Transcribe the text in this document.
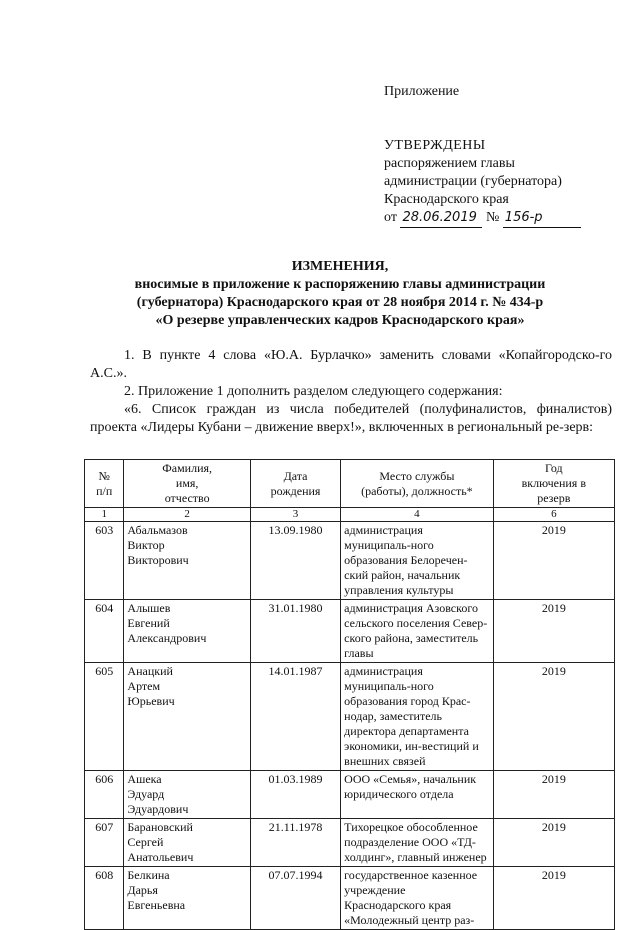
Приложение
УТВЕРЖДЕНЫ
распоряжением главы
администрации (губернатора)
Краснодарского края
от 28.06.2019 № 156-р
ИЗМЕНЕНИЯ,
вносимые в приложение к распоряжению главы администрации
(губернатора) Краснодарского края от 28 ноября 2014 г. № 434-р
«О резерве управленческих кадров Краснодарского края»

1. В пункте 4 слова «Ю.А. Бурлачко» заменить словами «Копайгородско-го А.С.».

2. Приложение 1 дополнить разделом следующего содержания:

«6. Список граждан из числа победителей (полуфиналистов, финалистов) проекта «Лидеры Кубани – движение вверх!», включенных в региональный ре-зерв:

№
п/п	Фамилия,
имя,
отчество	Дата
рождения	Место службы
(работы), должность*	Год
включения в
резерв
1	2	3	4	6
603	Абальмазов
Виктор
Викторович	13.09.1980	администрация муниципаль-ного образования Белоречен-ский район, начальник управления культуры	2019
604	Алышев
Евгений
Александрович	31.01.1980	администрация Азовского сельского поселения Север-ского района, заместитель главы	2019
605	Анацкий
Артем
Юрьевич	14.01.1987	администрация муниципаль-ного образования город Крас-нодар, заместитель директора департамента экономики, ин-вестиций и внешних связей	2019
606	Ашека
Эдуард
Эдуардович	01.03.1989	ООО «Семья», начальник юридического отдела	2019
607	Барановский
Сергей
Анатольевич	21.11.1978	Тихорецкое обособленное подразделение ООО «ТД-холдинг», главный инженер	2019
608	Белкина
Дарья
Евгеньевна	07.07.1994	государственное казенное учреждение Краснодарского края «Молодежный центр раз-	2019
